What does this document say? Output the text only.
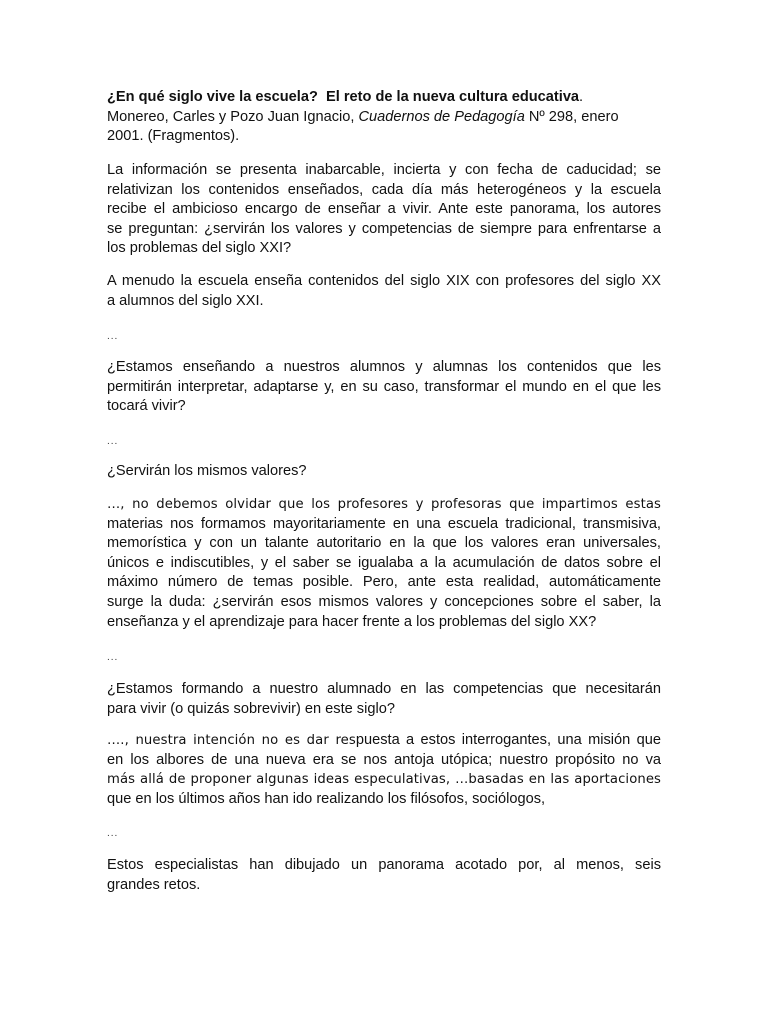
¿En qué siglo vive la escuela? El reto de la nueva cultura educativa.
Monereo, Carles y Pozo Juan Ignacio, Cuadernos de Pedagogía Nº 298, enero
2001. (Fragmentos).
La información se presenta inabarcable, incierta y con fecha de caducidad; se
relativizan los contenidos enseñados, cada día más heterogéneos y la escuela
recibe el ambicioso encargo de enseñar a vivir. Ante este panorama, los autores
se preguntan: ¿servirán los valores y competencias de siempre para enfrentarse a
los problemas del siglo XXI?
A menudo la escuela enseña contenidos del siglo XIX con profesores del siglo XX
a alumnos del siglo XXI.
...
¿Estamos enseñando a nuestros alumnos y alumnas los contenidos que les
permitirán interpretar, adaptarse y, en su caso, transformar el mundo en el que les
tocará vivir?
...
¿Servirán los mismos valores?
…, no debemos olvidar que los profesores y profesoras que impartimos estas
materias nos formamos mayoritariamente en una escuela tradicional, transmisiva,
memorística y con un talante autoritario en la que los valores eran universales,
únicos e indiscutibles, y el saber se igualaba a la acumulación de datos sobre el
máximo número de temas posible. Pero, ante esta realidad, automáticamente
surge la duda: ¿servirán esos mismos valores y concepciones sobre el saber, la
enseñanza y el aprendizaje para hacer frente a los problemas del siglo XX?
...
¿Estamos formando a nuestro alumnado en las competencias que necesitarán
para vivir (o quizás sobrevivir) en este siglo?
…., nuestra intención no es dar respuesta a estos interrogantes, una misión que
en los albores de una nueva era se nos antoja utópica; nuestro propósito no va
más allá de proponer algunas ideas especulativas, …basadas en las aportaciones
que en los últimos años han ido realizando los filósofos, sociólogos,
...
Estos especialistas han dibujado un panorama acotado por, al menos, seis
grandes retos.
